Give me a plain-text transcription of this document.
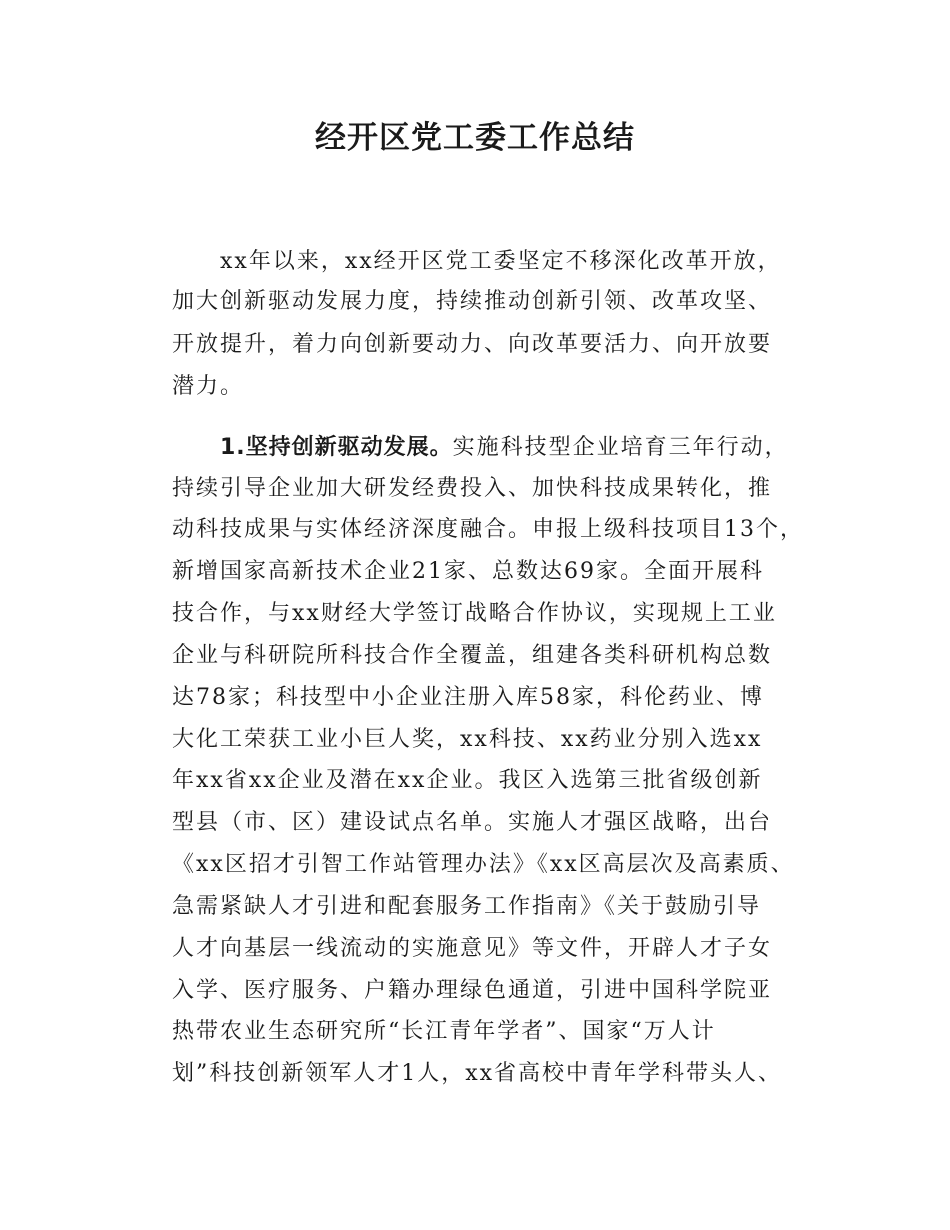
经开区党工委工作总结
xx年以来，xx经开区党工委坚定不移深化改革开放，
加大创新驱动发展力度，持续推动创新引领、改革攻坚、
开放提升，着力向创新要动力、向改革要活力、向开放要
潜力。
1.坚持创新驱动发展。实施科技型企业培育三年行动，
持续引导企业加大研发经费投入、加快科技成果转化，推
动科技成果与实体经济深度融合。申报上级科技项目13个，
新增国家高新技术企业21家、总数达69家。全面开展科
技合作，与xx财经大学签订战略合作协议，实现规上工业
企业与科研院所科技合作全覆盖，组建各类科研机构总数
达78家；科技型中小企业注册入库58家，科伦药业、博
大化工荣获工业小巨人奖，xx科技、xx药业分别入选xx
年xx省xx企业及潜在xx企业。我区入选第三批省级创新
型县（市、区）建设试点名单。实施人才强区战略，出台
《xx区招才引智工作站管理办法》《xx区高层次及高素质、
急需紧缺人才引进和配套服务工作指南》《关于鼓励引导
人才向基层一线流动的实施意见》等文件，开辟人才子女
入学、医疗服务、户籍办理绿色通道，引进中国科学院亚
热带农业生态研究所“长江青年学者”、国家“万人计
划”科技创新领军人才1人，xx省高校中青年学科带头人、
